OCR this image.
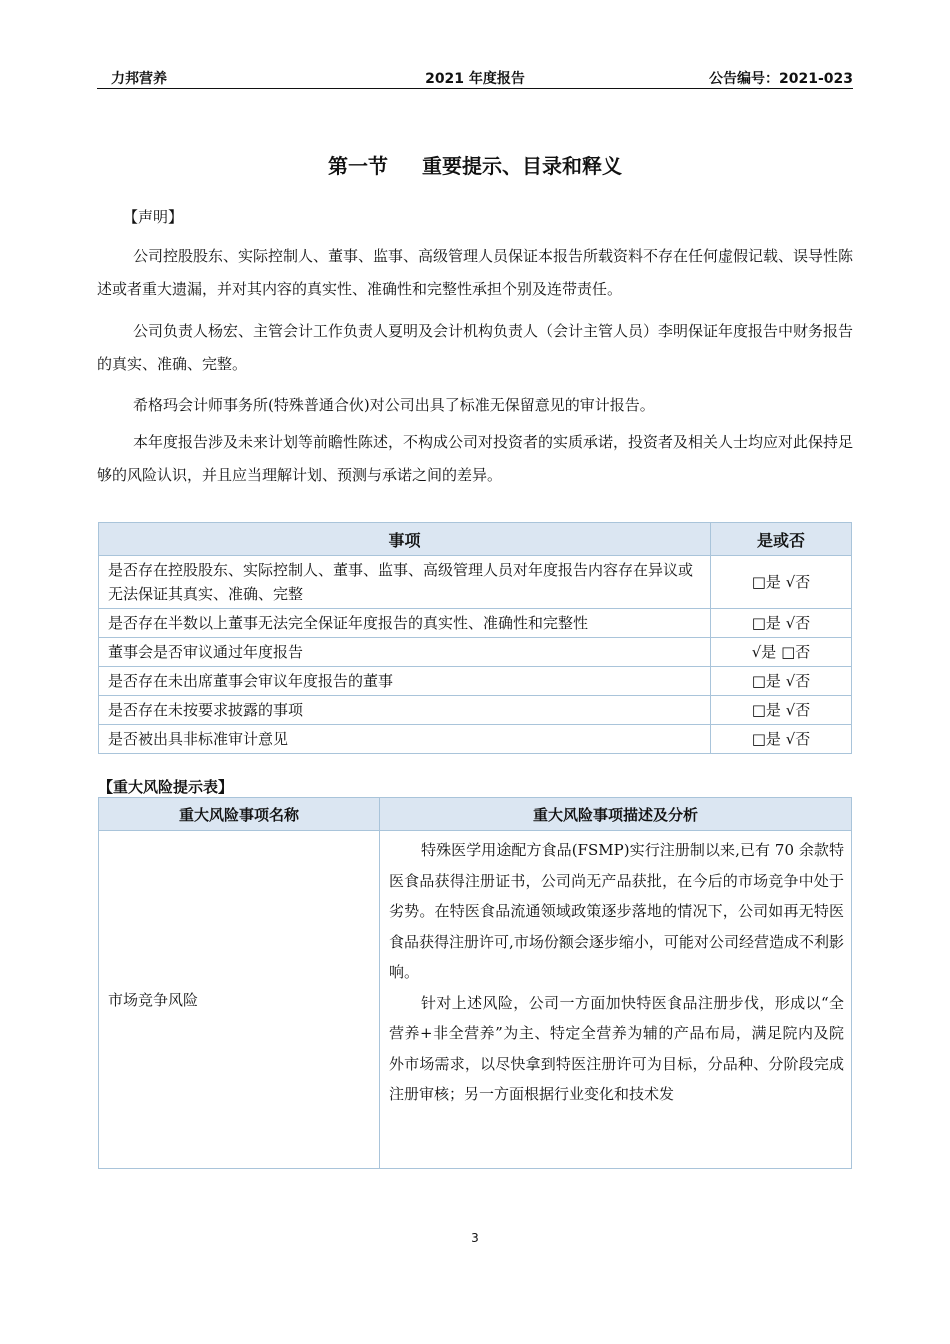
力邦营养	2021 年度报告	公告编号：2021-023
第一节 重要提示、目录和释义
【声明】
公司控股股东、实际控制人、董事、监事、高级管理人员保证本报告所载资料不存在任何虚假记载、误导性陈述或者重大遗漏，并对其内容的真实性、准确性和完整性承担个别及连带责任。
公司负责人杨宏、主管会计工作负责人夏明及会计机构负责人（会计主管人员）李明保证年度报告中财务报告的真实、准确、完整。
希格玛会计师事务所(特殊普通合伙)对公司出具了标准无保留意见的审计报告。
本年度报告涉及未来计划等前瞻性陈述，不构成公司对投资者的实质承诺，投资者及相关人士均应对此保持足够的风险认识，并且应当理解计划、预测与承诺之间的差异。
事项	是或否
是否存在控股股东、实际控制人、董事、监事、高级管理人员对年度报告内容存在异议或无法保证其真实、准确、完整	□是 √否
是否存在半数以上董事无法完全保证年度报告的真实性、准确性和完整性	□是 √否
董事会是否审议通过年度报告	√是 □否
是否存在未出席董事会审议年度报告的董事	□是 √否
是否存在未按要求披露的事项	□是 √否
是否被出具非标准审计意见	□是 √否
【重大风险提示表】
重大风险事项名称	重大风险事项描述及分析
市场竞争风险	特殊医学用途配方食品(FSMP)实行注册制以来,已有 70 余款特医食品获得注册证书，公司尚无产品获批，在今后的市场竞争中处于劣势。在特医食品流通领域政策逐步落地的情况下，公司如再无特医食品获得注册许可,市场份额会逐步缩小，可能对公司经营造成不利影响。

针对上述风险，公司一方面加快特医食品注册步伐，形成以“全营养+非全营养”为主、特定全营养为辅的产品布局，满足院内及院外市场需求，以尽快拿到特医注册许可为目标，分品种、分阶段完成注册审核；另一方面根据行业变化和技术发

3
